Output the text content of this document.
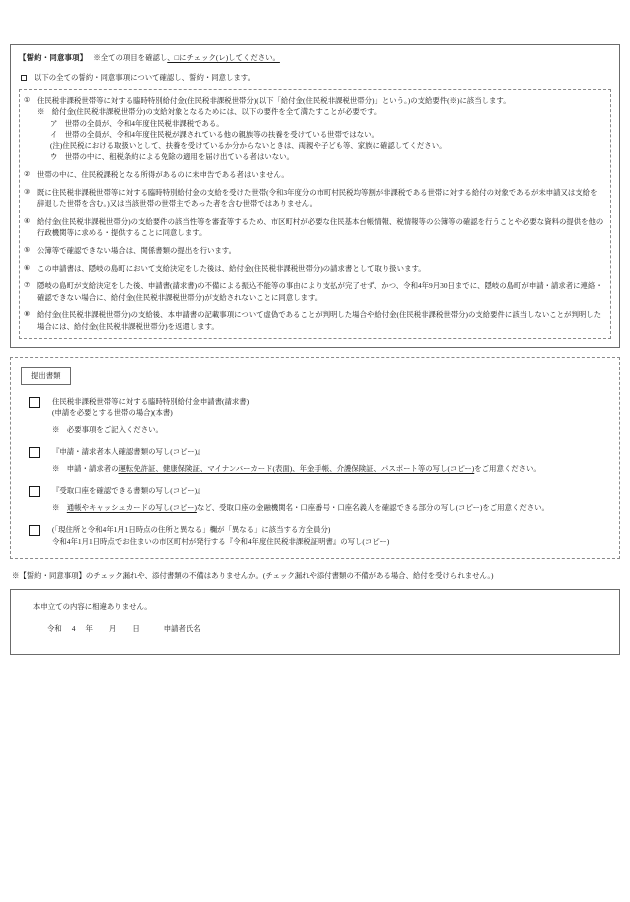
【誓約・同意事項】 ※全ての項目を確認し、□にチェック(レ)してください。
以下の全ての誓約・同意事項について確認し、誓約・同意します。
① 住民税非課税世帯等に対する臨時特別給付金(住民税非課税世帯分)(以下「給付金(住民税非課税世帯分)」という。)の支給要件(※)に該当します。
※　給付金(住民税非課税世帯分)の支給対象となるためには、以下の要件を全て満たすことが必要です。
ア　世帯の全員が、令和4年度住民税非課税である。
イ　世帯の全員が、令和4年度住民税が課されている他の親族等の扶養を受けている世帯ではない。
(注)住民税における取扱いとして、扶養を受けているか分からないときは、両親や子ども等、家族に確認してください。
ウ　世帯の中に、租税条約による免除の適用を届け出ている者はいない。
② 世帯の中に、住民税課税となる所得があるのに未申告である者はいません。
③ 既に住民税非課税世帯等に対する臨時特別給付金の支給を受けた世帯(令和3年度分の市町村民税均等割が非課税である世帯に対する給付の対象であるが未申請又は支給を辞退した世帯を含む。)又は当該世帯の世帯主であった者を含む世帯ではありません。
④ 給付金(住民税非課税世帯分)の支給要件の該当性等を審査等するため、市区町村が必要な住民基本台帳情報、税情報等の公簿等の確認を行うことや必要な資料の提供を他の行政機関等に求める・提供することに同意します。
⑤ 公簿等で確認できない場合は、関係書類の提出を行います。
⑥ この申請書は、隠岐の島町において支給決定をした後は、給付金(住民税非課税世帯分)の請求書として取り扱います。
⑦ 隠岐の島町が支給決定をした後、申請書(請求書)の不備による振込不能等の事由により支払が完了せず、かつ、令和4年9月30日までに、隠岐の島町が申請・請求者に連絡・確認できない場合に、給付金(住民税非課税世帯分)が支給されないことに同意します。
⑧ 給付金(住民税非課税世帯分)の支給後、本申請書の記載事項について虚偽であることが判明した場合や給付金(住民税非課税世帯分)の支給要件に該当しないことが判明した場合には、給付金(住民税非課税世帯分)を返還します。
提出書類
住民税非課税世帯等に対する臨時特別給付金申請書(請求書)
(申請を必要とする世帯の場合)(本書)
※　必要事項をご記入ください。
『申請・請求者本人確認書類の写し(コピー)』
※　申請・請求者の運転免許証、健康保険証、マイナンバーカード(表面)、年金手帳、介護保険証、パスポート等の写し(コピー)をご用意ください。
『受取口座を確認できる書類の写し(コピー)』
※　通帳やキャッシュカードの写し(コピー)など、受取口座の金融機関名・口座番号・口座名義人を確認できる部分の写し(コピー)をご用意ください。
(「現住所と令和4年1月1日時点の住所と異なる」欄が「異なる」に該当する方全員分)
令和4年1月1日時点でお住まいの市区町村が発行する『令和4年度住民税非課税証明書』の写し(コピー)
※【誓約・同意事項】のチェック漏れや、添付書類の不備はありませんか。(チェック漏れや添付書類の不備がある場合、給付を受けられません。)
本申立ての内容に相違ありません。
令和 4 年 月 日	申請者氏名
